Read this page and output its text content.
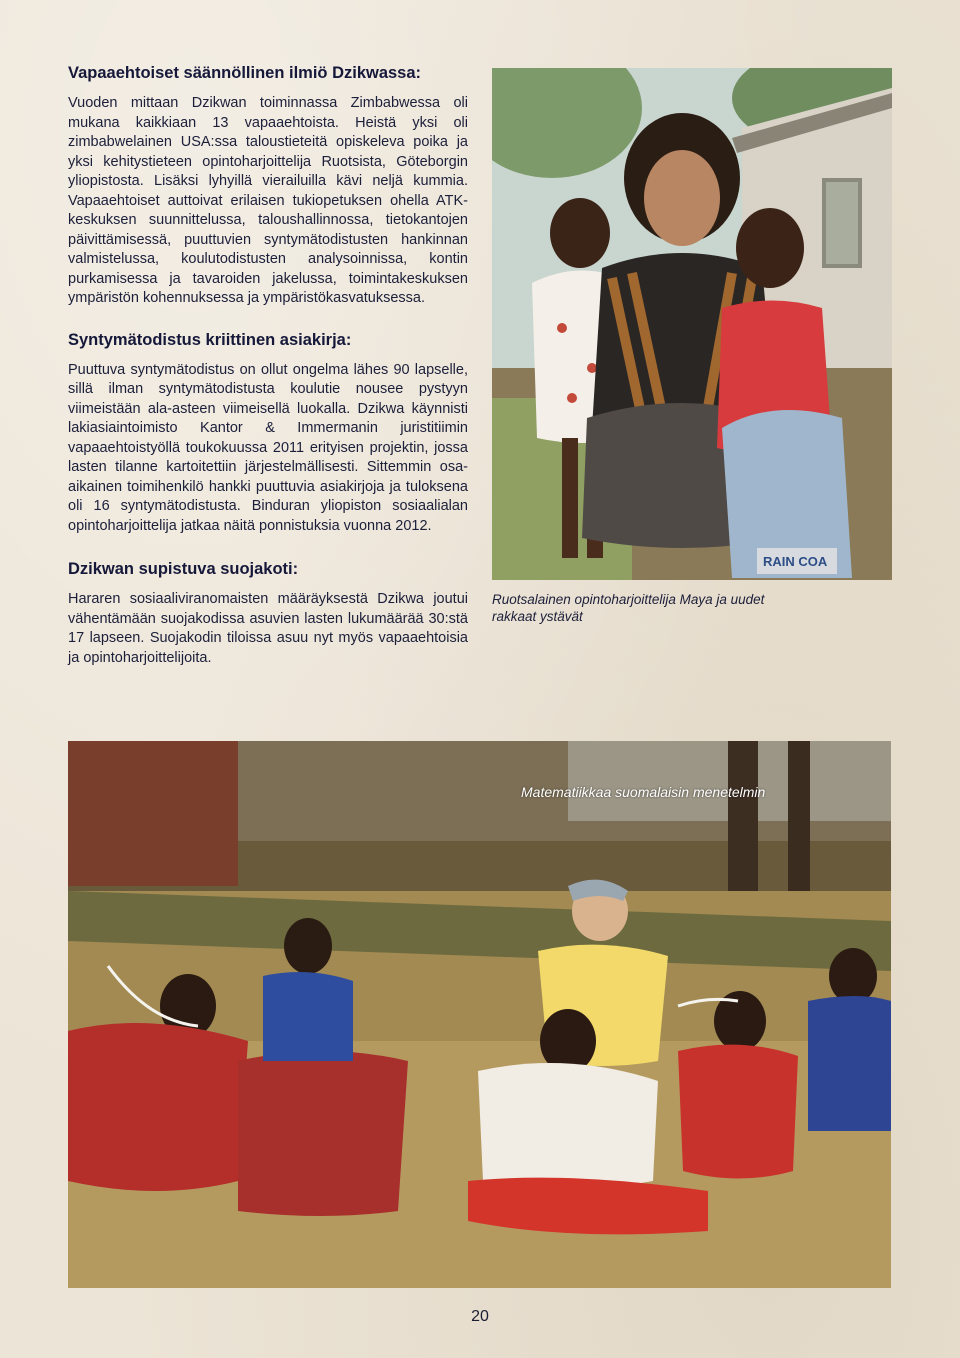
Vapaaehtoiset säännöllinen ilmiö Dzikwassa:

Vuoden mittaan Dzikwan toiminnassa Zimbabwessa oli mukana kaikkiaan 13 vapaaehtoista. Heistä yksi oli zimbabwelainen USA:ssa taloustieteitä opiskeleva poika ja yksi kehitystieteen opintoharjoittelija Ruotsista, Göteborgin yliopistosta. Lisäksi lyhyillä vierailuilla kävi neljä kummia. Vapaaehtoiset auttoivat erilaisen tukiopetuksen ohella ATK-keskuksen suunnittelussa, taloushallinnossa, tietokantojen päivittämisessä, puuttuvien syntymätodistusten hankinnan valmistelussa, koulutodistusten analysoinnissa, kontin purkamisessa ja tavaroiden jakelussa, toimintakeskuksen ympäristön kohennuksessa ja ympäristökasvatuksessa.

Syntymätodistus kriittinen asiakirja:

Puuttuva syntymätodistus on ollut ongelma lähes 90 lapselle, sillä ilman syntymätodistusta koulutie nousee pystyyn viimeistään ala-asteen viimeisellä luokalla. Dzikwa käynnisti lakiasiaintoimisto Kantor & Immermanin juristitiimin vapaaehtoistyöllä toukokuussa 2011 erityisen projektin, jossa lasten tilanne kartoitettiin järjestelmällisesti. Sittemmin osa-aikainen toimihenkilö hankki puuttuvia asiakirjoja ja tuloksena oli 16 syntymätodistusta. Binduran yliopiston sosiaalialan opintoharjoittelija jatkaa näitä ponnistuksia vuonna 2012.

Dzikwan supistuva suojakoti:

Hararen sosiaaliviranomaisten määräyksestä Dzikwa joutui vähentämään suojakodissa asuvien lasten lukumäärää 30:stä 17 lapseen. Suojakodin tiloissa asuu nyt myös vapaaehtoisia ja opintoharjoittelijoita.

RAIN COA
Ruotsalainen opintoharjoittelija Maya ja uudet rakkaat ystävät
Matematiikkaa suomalaisin menetelmin
20
